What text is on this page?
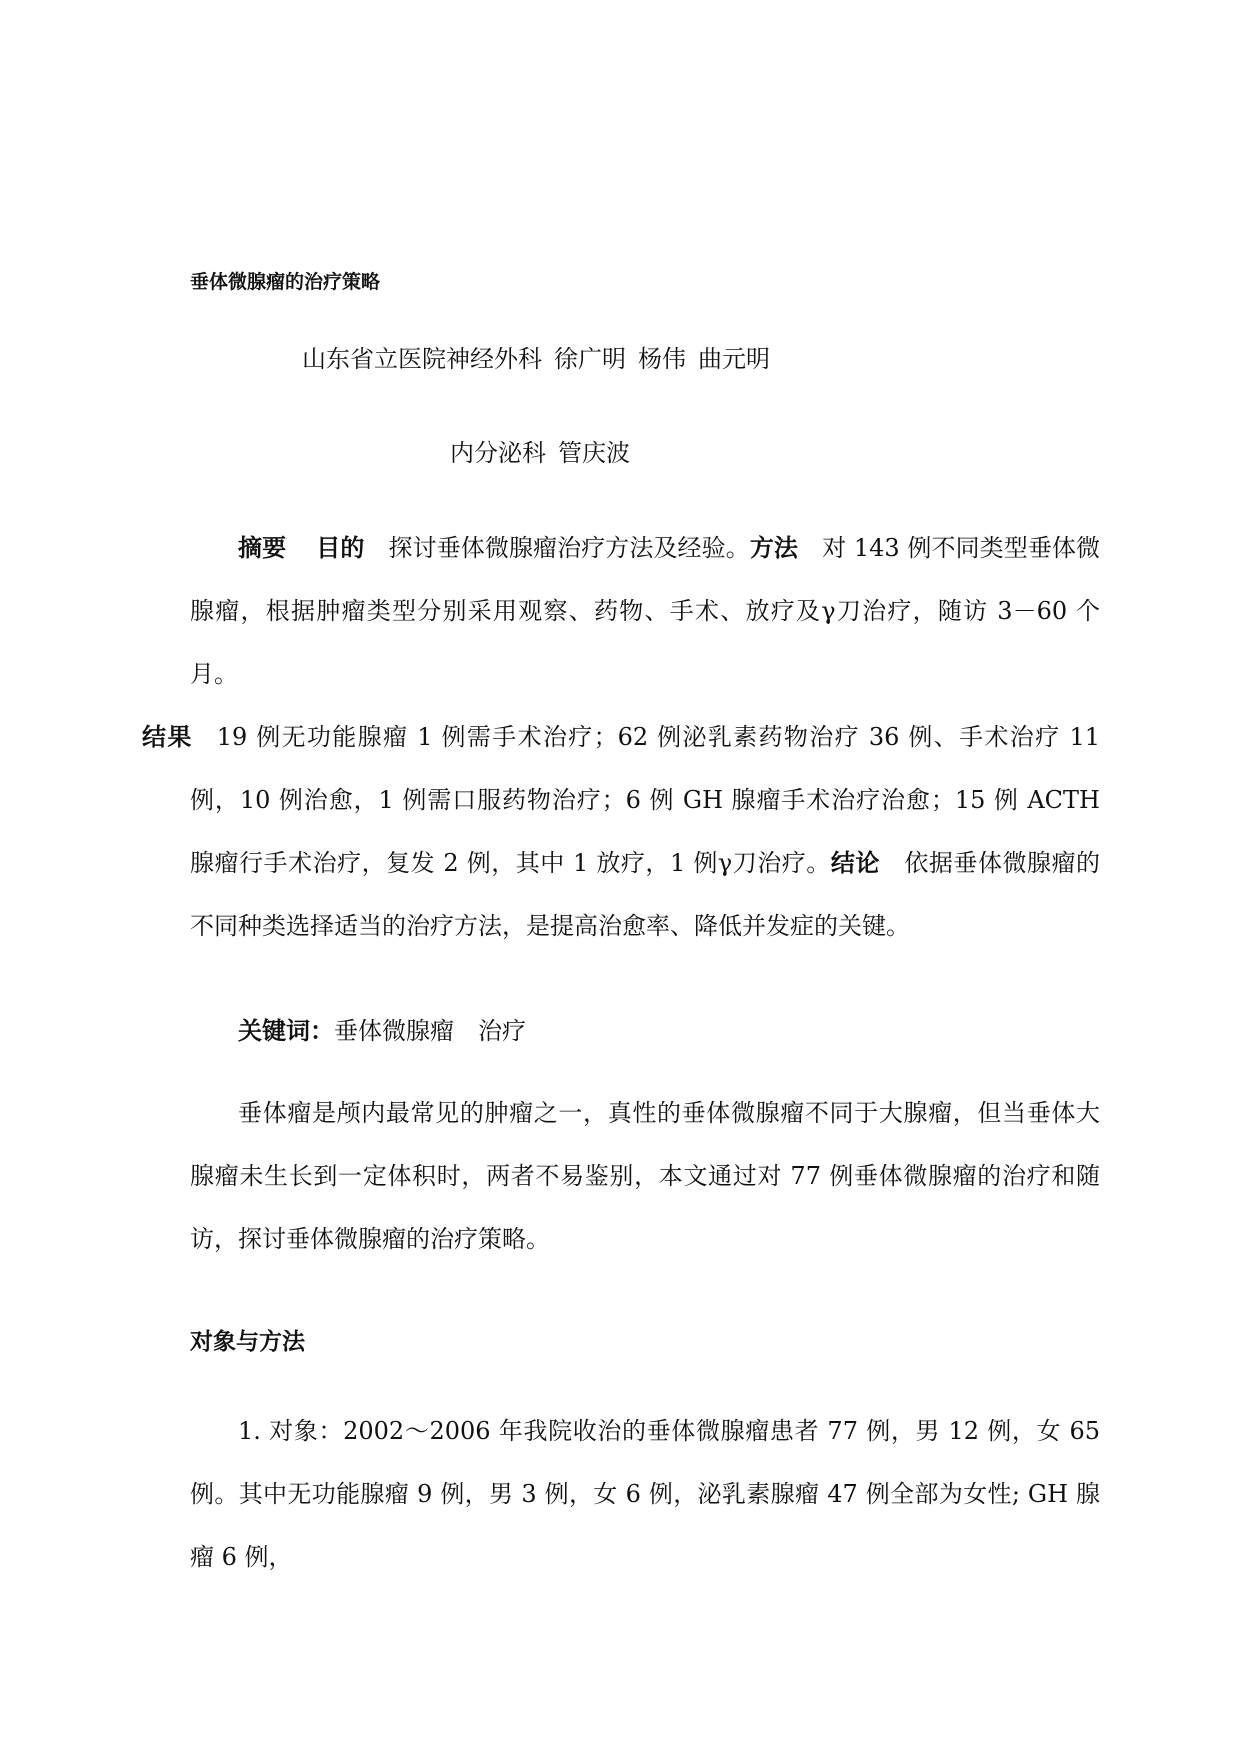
垂体微腺瘤的治疗策略
山东省立医院神经外科 徐广明 杨伟 曲元明
内分泌科 管庆波
摘要 目的 探讨垂体微腺瘤治疗方法及经验。方法 对 143 例不同类型垂体微腺瘤，根据肿瘤类型分别采用观察、药物、手术、放疗及γ刀治疗，随访 3－60 个月。
结果 19 例无功能腺瘤 1 例需手术治疗；62 例泌乳素药物治疗 36 例、手术治疗 11 例，10 例治愈，1 例需口服药物治疗；6 例 GH 腺瘤手术治疗治愈；15 例 ACTH 腺瘤行手术治疗，复发 2 例，其中 1 放疗，1 例γ刀治疗。结论 依据垂体微腺瘤的不同种类选择适当的治疗方法，是提高治愈率、降低并发症的关键。
关键词：垂体微腺瘤 治疗
垂体瘤是颅内最常见的肿瘤之一，真性的垂体微腺瘤不同于大腺瘤，但当垂体大腺瘤未生长到一定体积时，两者不易鉴别，本文通过对 77 例垂体微腺瘤的治疗和随访，探讨垂体微腺瘤的治疗策略。
对象与方法
1. 对象：2002～2006 年我院收治的垂体微腺瘤患者 77 例，男 12 例，女 65 例。其中无功能腺瘤 9 例，男 3 例，女 6 例，泌乳素腺瘤 47 例全部为女性; GH 腺瘤 6 例，
